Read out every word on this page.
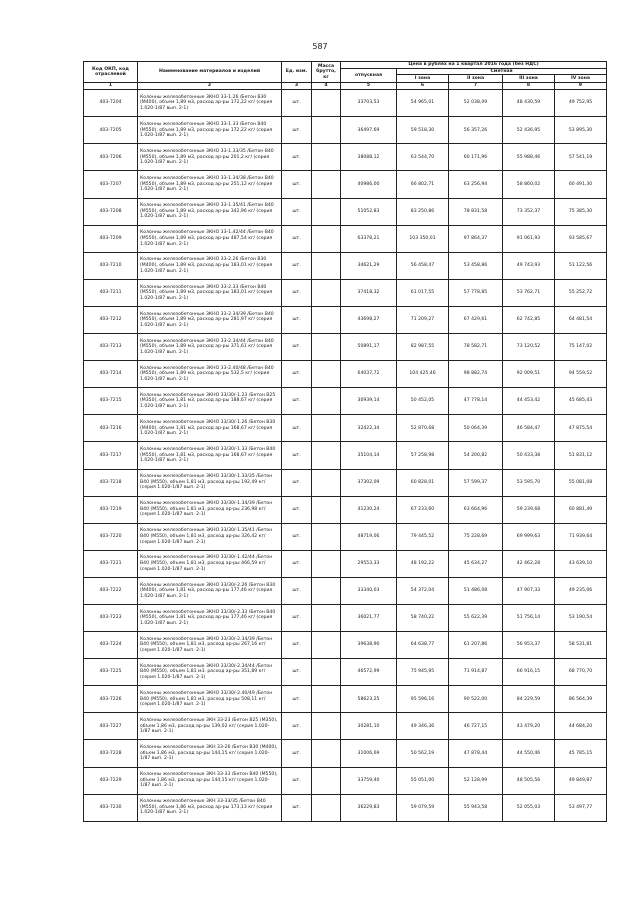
587
Код ОКП, код отраслевой	Наименование материалов и изделий	Ед. изм.	Масса брутто, кг	Цена в рублях на 1 квартал 2016 года (без НДС)				
				отпускная	Сметная			
					I зона	II зона	III зона	IV зона
1	2	3	4	5	6	7	8	9
403-7204	Колонны железобетонные 3КНО 33-1.26 /Бетон В30 (М400), объем 1,89 м3, расход ар-ры 172,22 кг/ (серия 1.020-1/87 вып. 2-1)	шт.		33703,53	54 965,01	52 038,09	48 430,59	49 752,95
403-7205	Колонны железобетонные 3КНО 33-1.33 /Бетон В40 (М550), объем 1,89 м3, расход ар-ры 172,22 кг/ (серия 1.020-1/87 вып. 2-1)	шт.		36497,69	59 518,30	56 357,26	52 436,95	53 895,30
403-7206	Колонны железобетонные 3КНО 33-1.33/35 /Бетон В40 (М550), объем 1,89 м3, расход ар-ры 201,2 кг/ (серия 1.020-1/87 вып. 2-1)	шт.		38088,12	63 544,70	60 171,96	55 988,46	57 541,19
403-7207	Колонны железобетонные 3КНО 33-1.34/38 /Бетон В40 (М550), объем 1,89 м3, расход ар-ры 251,12 кг/ (серия 1.020-1/87 вып. 2-1)	шт.		40986,00	66 802,71	63 256,94	58 860,02	60 491,30
403-7208	Колонны железобетонные 3КНО 33-1.35/41 /Бетон В40 (М550), объем 1,89 м3, расход ар-ры 342,96 кг/ (серия 1.020-1/87 вып. 2-1)	шт.		51052,83	83 250,86	78 831,58	73 352,37	75 385,30
403-7209	Колонны железобетонные 3КНО 33-1.42/44 /Бетон В40 (М550), объем 1,89 м3, расход ар-ры 487,54 кг/ (серия 1.020-1/87 вып. 2-1)	шт.		63378,21	103 350,01	97 864,37	91 061,93	93 585,67
403-7210	Колонны железобетонные 3КНО 33-2.26 /Бетон В30 (М400), объем 1,89 м3, расход ар-ры 183,01 кг/ (серия 1.020-1/87 вып. 2-1)	шт.		34621,29	56 458,47	53 458,86	49 743,93	51 122,56
403-7211	Колонны железобетонные 3КНО 33-2.33 /Бетон В40 (М550), объем 1,89 м3, расход ар-ры 183,01 кг/ (серия 1.020-1/87 вып. 2-1)	шт.		37418,32	61 017,55	57 778,85	53 762,71	55 252,72
403-7212	Колонны железобетонные 3КНО 33-2.34/39 /Бетон В40 (М550), объем 1,89 м3, расход ар-ры 281,97 кг/ (серия 1.020-1/87 вып. 2-1)	шт.		43698,27	71 209,27	67 429,61	62 742,85	64 481,54
403-7213	Колонны железобетонные 3КНО 33-2.34/44 /Бетон В40 (М550), объем 1,89 м3, расход ар-ры 371,61 кг/ (серия 1.020-1/87 вып. 2-1)	шт.		50891,17	82 987,55	78 582,71	73 120,52	75 147,02
403-7214	Колонны железобетонные 3КНО 33-2.40/48 /Бетон В40 (М550), объем 1,89 м3, расход ар-ры 532,5 кг/ (серия 1.020-1/87 вып. 2-1)	шт.		64037,72	104 425,46	98 882,74	92 009,51	94 559,52
403-7215	Колонны железобетонные 3КНО 33/30/-1.23 /Бетон В25 (М350), объем 1,81 м3, расход ар-ры 188,67 кг/ (серия 1.020-1/87 вып. 2-1)	шт.		30939,14	50 452,05	47 778,14	44 453,42	45 685,43
403-7216	Колонны железобетонные 3КНО 33/30/-1.26 /Бетон В30 (М400), объем 1,81 м3, расход ар-ры 168,67 кг/ (серия 1.020-1/87 вып. 2-1)	шт.		32422,34	52 870,68	50 064,39	46 584,47	47 875,54
403-7217	Колонны железобетонные 3КНО 33/30/-1.33 /Бетон В40 (М550), объем 1,81 м3, расход ар-ры 168,67 кг/ (серия 1.020-1/87 вып. 2-1)	шт.		35104,14	57 258,98	54 200,82	50 433,38	51 831,12
403-7218	Колонны железобетонные 3КНО 33/30/-1.33/35 /Бетон В40 (М550), объем 1,81 м3, расход ар-ры 192,49 кг/ (серия 1.020-1/87 вып. 2-1)	шт.		37302,09	60 828,01	57 599,37	53 595,70	55 081,08
403-7219	Колонны железобетонные 3КНО 33/30/-1.34/39 /Бетон В40 (М550), объем 1,81 м3, расход ар-ры 236,98 кг/ (серия 1.020-1/87 вып. 2-1)	шт.		41230,24	67 233,60	63 664,96	59 239,68	60 881,49
403-7220	Колонны железобетонные 3КНО 33/30/-1.35/41 /Бетон В40 (М550), объем 1,81 м3, расход ар-ры 326,42 кг/ (серия 1.020-1/87 вып. 2-1)	шт.		48719,06	79 445,52	75 228,69	69 999,63	71 939,64
403-7221	Колонны железобетонные 3КНО 33/30/-1.42/44 /Бетон В40 (М550), объем 1,81 м3, расход ар-ры 466,59 кг/ (серия 1.020-1/87 вып. 2-1)	шт.		29553,33	48 192,22	45 634,27	42 462,28	43 639,10
403-7222	Колонны железобетонные 3КНО 33/30/-2.26 /Бетон В30 (М400), объем 1,81 м3, расход ар-ры 177,46 кг/ (серия 1.020-1/87 вып. 2-1)	шт.		33340,03	54 372,04	51 486,08	47 907,33	49 235,06
403-7223	Колонны железобетонные 3КНО 33/30/-2.33 /Бетон В40 (М550), объем 1,81 м3, расход ар-ры 177,46 кг/ (серия 1.020-1/87 вып. 2-1)	шт.		36021,77	58 740,22	55 622,39	51 756,14	53 190,54
403-7224	Колонны железобетонные 3КНО 33/30/-2.34/39 /Бетон В40 (М550), объем 1,81 м3, расход ар-ры 267,16 кг/ (серия 1.020-1/87 вып. 2-1)	шт.		39638,90	64 638,77	61 207,86	56 953,37	58 531,81
403-7225	Колонны железобетонные 3КНО 33/30/-2.34/44 /Бетон В40 (М550), объем 1,81 м3, расход ар-ры 351,89 кг/ (серия 1.020-1/87 вып. 2-1)	шт.		46572,99	75 945,95	71 914,87	66 916,15	68 770,70
403-7226	Колонны железобетонные 3КНО 33/30/-2.40/49 /Бетон В40 (М550), объем 1,81 м3, расход ар-ры 508,11 кг/ (серия 1.020-1/87 вып. 2-1)	шт.		58623,25	95 596,16	90 522,00	84 229,59	86 564,39
403-7227	Колонны железобетонные 3КН 33-23 /Бетон В25 (М350), объем 1,86 м3, расход ар-ры 139,02 кг/ (серия 1.020-1/87 вып. 2-1)	шт.		30281,10	49 346,36	46 727,15	43 479,20	44 684,20
403-7228	Колонны железобетонные 3КН 33-26 /Бетон В30 (М400), объем 1,86 м3, расход ар-ры 144,15 кг/ (серия 1.020-1/87 вып. 2-1)	шт.		31006,69	50 562,19	47 878,44	44 550,46	45 785,15
403-7229	Колонны железобетонные 3КН 33-33 /Бетон В40 (М550), объем 1,86 м3, расход ар-ры 144,15 кг/ (серия 1.020-1/87 вып. 2-1)	шт.		33759,40	55 051,00	52 128,99	48 505,56	49 849,87
403-7230	Колонны железобетонные 3КН 33-33/35 /Бетон В40 (М550), объем 1,86 м3, расход ар-ры 173,13 кг/ (серия 1.020-1/87 вып. 2-1)	шт.		36229,83	59 079,59	55 943,58	52 055,03	53 497,77
